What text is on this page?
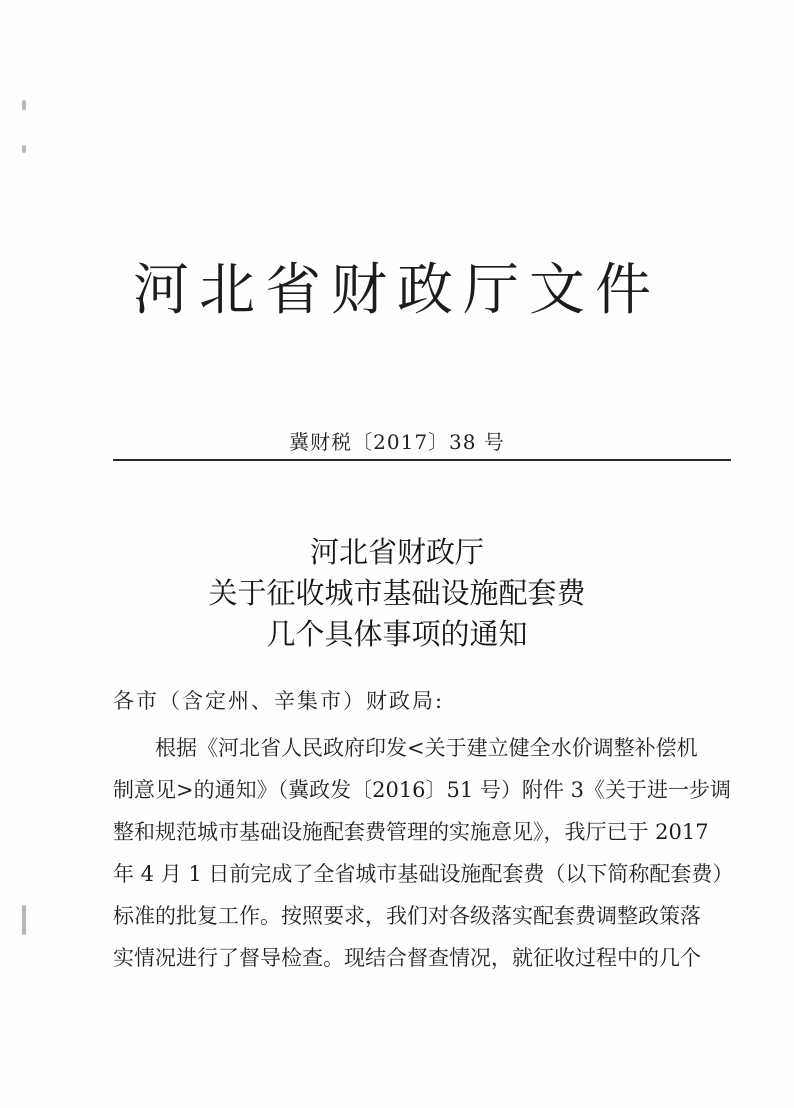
河北省财政厅文件
冀财税〔2017〕38 号
河北省财政厅
关于征收城市基础设施配套费
几个具体事项的通知
各市（含定州、辛集市）财政局:
根据《河北省人民政府印发<关于建立健全水价调整补偿机
制意见>的通知》（冀政发〔2016〕51 号）附件 3《关于进一步调
整和规范城市基础设施配套费管理的实施意见》，我厅已于 2017
年 4 月 1 日前完成了全省城市基础设施配套费（以下简称配套费）
标准的批复工作。按照要求，我们对各级落实配套费调整政策落
实情况进行了督导检查。现结合督查情况，就征收过程中的几个
